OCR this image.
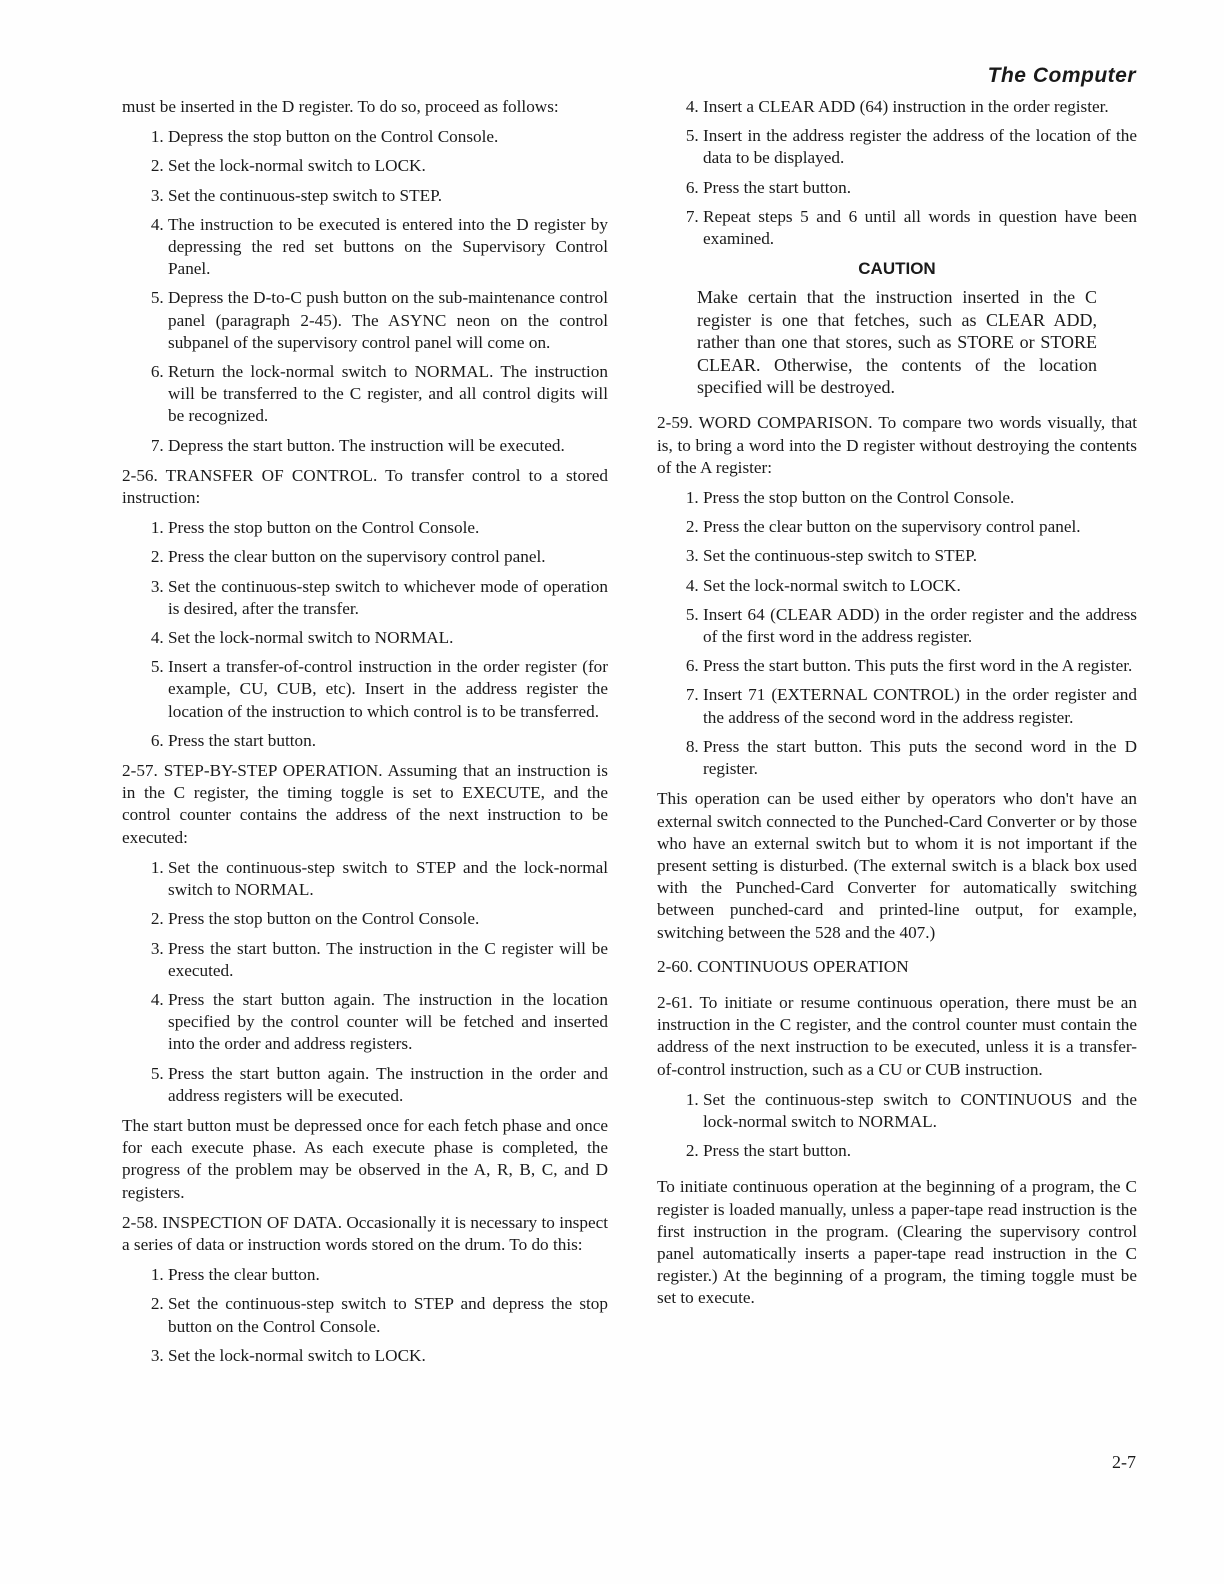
The Computer

must be inserted in the D register. To do so, proceed as follows:

1. Depress the stop button on the Control Console.
2. Set the lock-normal switch to LOCK.
3. Set the continuous-step switch to STEP.
4. The instruction to be executed is entered into the D register by depressing the red set buttons on the Supervisory Control Panel.
5. Depress the D-to-C push button on the sub-maintenance control panel (paragraph 2-45). The ASYNC neon on the control subpanel of the supervisory control panel will come on.
6. Return the lock-normal switch to NORMAL. The instruction will be transferred to the C register, and all control digits will be recognized.
7. Depress the start button. The instruction will be executed.

2-56. TRANSFER OF CONTROL. To transfer control to a stored instruction:

1. Press the stop button on the Control Console.
2. Press the clear button on the supervisory control panel.
3. Set the continuous-step switch to whichever mode of operation is desired, after the transfer.
4. Set the lock-normal switch to NORMAL.
5. Insert a transfer-of-control instruction in the order register (for example, CU, CUB, etc). Insert in the address register the location of the instruction to which control is to be transferred.
6. Press the start button.

2-57. STEP-BY-STEP OPERATION. Assuming that an instruction is in the C register, the timing toggle is set to EXECUTE, and the control counter contains the address of the next instruction to be executed:

1. Set the continuous-step switch to STEP and the lock-normal switch to NORMAL.
2. Press the stop button on the Control Console.
3. Press the start button. The instruction in the C register will be executed.
4. Press the start button again. The instruction in the location specified by the control counter will be fetched and inserted into the order and address registers.
5. Press the start button again. The instruction in the order and address registers will be executed.

The start button must be depressed once for each fetch phase and once for each execute phase. As each execute phase is completed, the progress of the problem may be observed in the A, R, B, C, and D registers.

2-58. INSPECTION OF DATA. Occasionally it is necessary to inspect a series of data or instruction words stored on the drum. To do this:

1. Press the clear button.
2. Set the continuous-step switch to STEP and depress the stop button on the Control Console.
3. Set the lock-normal switch to LOCK.
4. Insert a CLEAR ADD (64) instruction in the order register.
5. Insert in the address register the address of the location of the data to be displayed.
6. Press the start button.
7. Repeat steps 5 and 6 until all words in question have been examined.
CAUTION

Make certain that the instruction inserted in the C register is one that fetches, such as CLEAR ADD, rather than one that stores, such as STORE or STORE CLEAR. Otherwise, the contents of the location specified will be destroyed.

2-59. WORD COMPARISON. To compare two words visually, that is, to bring a word into the D register without destroying the contents of the A register:

1. Press the stop button on the Control Console.
2. Press the clear button on the supervisory control panel.
3. Set the continuous-step switch to STEP.
4. Set the lock-normal switch to LOCK.
5. Insert 64 (CLEAR ADD) in the order register and the address of the first word in the address register.
6. Press the start button. This puts the first word in the A register.
7. Insert 71 (EXTERNAL CONTROL) in the order register and the address of the second word in the address register.
8. Press the start button. This puts the second word in the D register.

This operation can be used either by operators who don't have an external switch connected to the Punched-Card Converter or by those who have an external switch but to whom it is not important if the present setting is disturbed. (The external switch is a black box used with the Punched-Card Converter for automatically switching between punched-card and printed-line output, for example, switching between the 528 and the 407.)

2-60. CONTINUOUS OPERATION

2-61. To initiate or resume continuous operation, there must be an instruction in the C register, and the control counter must contain the address of the next instruction to be executed, unless it is a transfer-of-control instruction, such as a CU or CUB instruction.

1. Set the continuous-step switch to CONTINUOUS and the lock-normal switch to NORMAL.
2. Press the start button.

To initiate continuous operation at the beginning of a program, the C register is loaded manually, unless a paper-tape read instruction is the first instruction in the program. (Clearing the supervisory control panel automatically inserts a paper-tape read instruction in the C register.) At the beginning of a program, the timing toggle must be set to execute.

2-7
